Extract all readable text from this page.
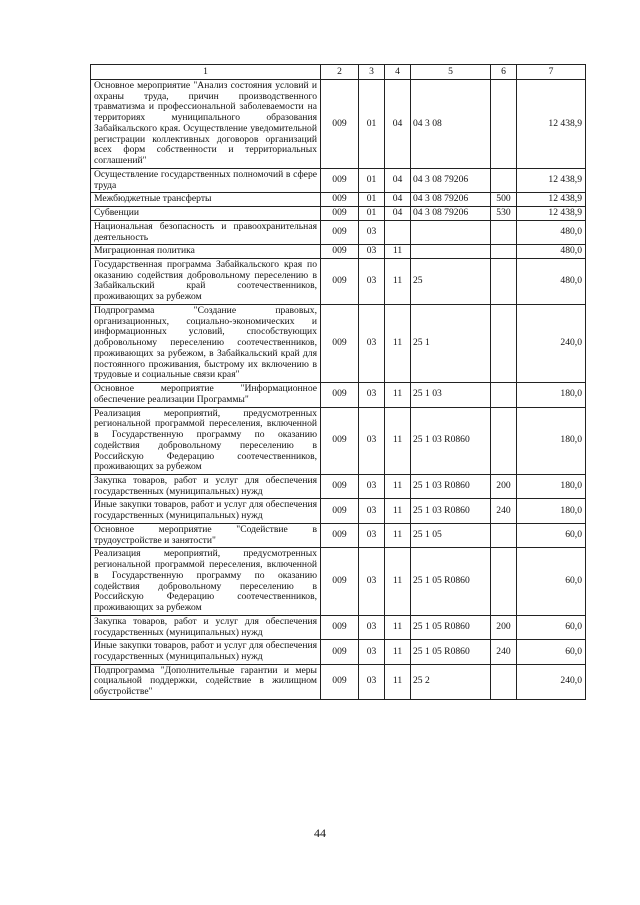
1	2	3	4	5	6	7
Основное мероприятие "Анализ состояния условий и охраны труда, причин производственного травматизма и профессиональной заболеваемости на территориях муниципального образования Забайкальского края. Осуществление уведомительной регистрации коллективных договоров организаций всех форм собственности и территориальных соглашений"	009	01	04	04 3 08		12 438,9
Осуществление государственных полномочий в сфере труда	009	01	04	04 3 08 79206		12 438,9
Межбюджетные трансферты	009	01	04	04 3 08 79206	500	12 438,9
Субвенции	009	01	04	04 3 08 79206	530	12 438,9
Национальная безопасность и правоохранительная деятельность	009	03				480,0
Миграционная политика	009	03	11			480,0
Государственная программа Забайкальского края по оказанию содействия добровольному переселению в Забайкальский край соотечественников, проживающих за рубежом	009	03	11	25		480,0
Подпрограмма "Создание правовых, организационных, социально-экономических и информационных условий, способствующих добровольному переселению соотечественников, проживающих за рубежом, в Забайкальский край для постоянного проживания, быстрому их включению в трудовые и социальные связи края"	009	03	11	25 1		240,0
Основное мероприятие "Информационное обеспечение реализации Программы"	009	03	11	25 1 03		180,0
Реализация мероприятий, предусмотренных региональной программой переселения, включенной в Государственную программу по оказанию содействия добровольному переселению в Российскую Федерацию соотечественников, проживающих за рубежом	009	03	11	25 1 03 R0860		180,0
Закупка товаров, работ и услуг для обеспечения государственных (муниципальных) нужд	009	03	11	25 1 03 R0860	200	180,0
Иные закупки товаров, работ и услуг для обеспечения государственных (муниципальных) нужд	009	03	11	25 1 03 R0860	240	180,0
Основное мероприятие "Содействие в трудоустройстве и занятости"	009	03	11	25 1 05		60,0
Реализация мероприятий, предусмотренных региональной программой переселения, включенной в Государственную программу по оказанию содействия добровольному переселению в Российскую Федерацию соотечественников, проживающих за рубежом	009	03	11	25 1 05 R0860		60,0
Закупка товаров, работ и услуг для обеспечения государственных (муниципальных) нужд	009	03	11	25 1 05 R0860	200	60,0
Иные закупки товаров, работ и услуг для обеспечения государственных (муниципальных) нужд	009	03	11	25 1 05 R0860	240	60,0
Подпрограмма "Дополнительные гарантии и меры социальной поддержки, содействие в жилищном обустройстве"	009	03	11	25 2		240,0
44
